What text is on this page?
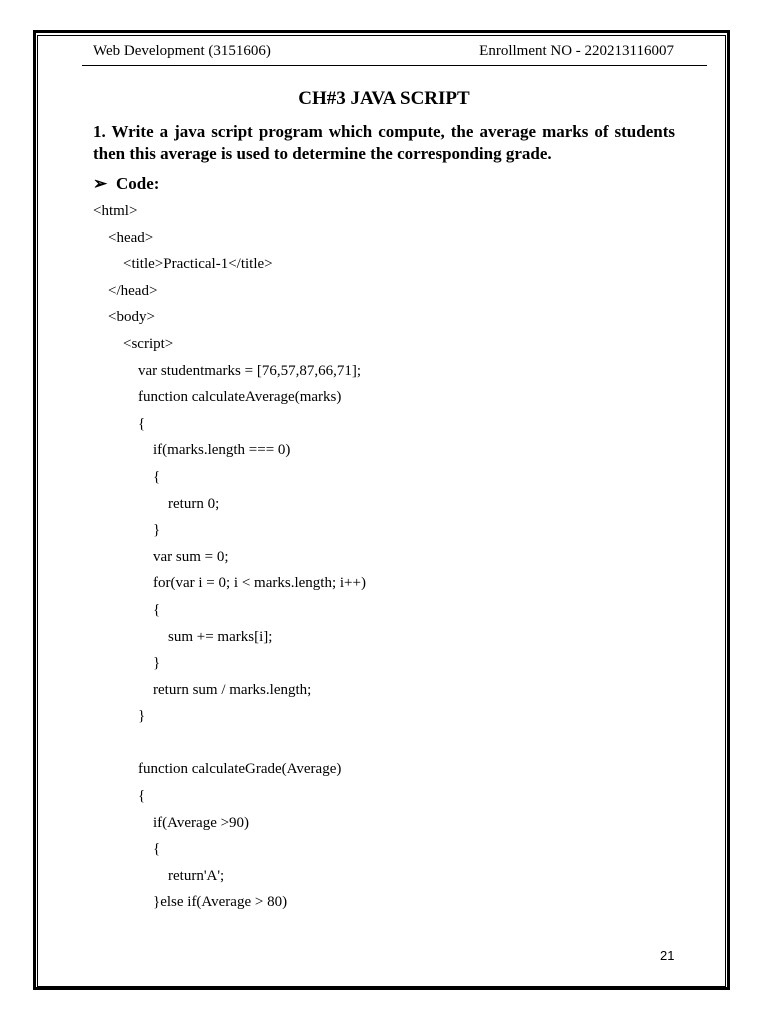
Web Development (3151606)	Enrollment NO - 220213116007
CH#3 JAVA SCRIPT
1. Write a java script program which compute, the average marks of students then this average is used to determine the corresponding grade.
➢ Code:
<html>
<head>
<title>Practical-1</title>
</head>
<body>
<script>
var studentmarks = [76,57,87,66,71];
function calculateAverage(marks)
{
if(marks.length === 0)
{
return 0;
}
var sum = 0;
for(var i = 0; i < marks.length; i++)
{
sum += marks[i];
}
return sum / marks.length;
}
function calculateGrade(Average)
{
if(Average >90)
{
return'A';
}else if(Average > 80)
21
